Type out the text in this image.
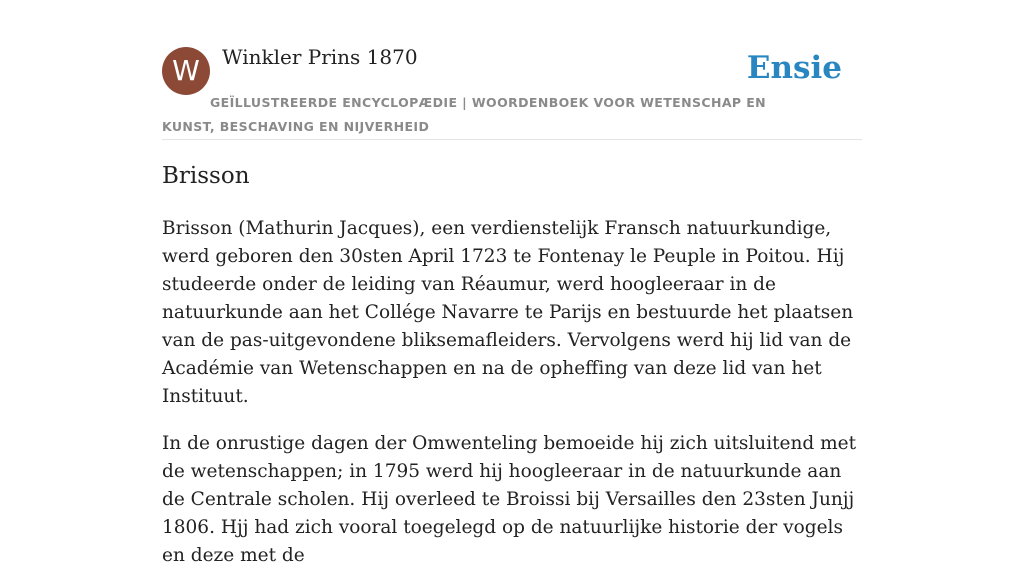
W	Winkler Prins 1870	Ensie
GEÏLLUSTREERDE ENCYCLOPÆDIE | WOORDENBOEK VOOR WETENSCHAP EN KUNST, BESCHAVING EN NIJVERHEID
Brisson

Brisson (Mathurin Jacques), een verdienstelijk Fransch natuurkundige, werd geboren den 30sten April 1723 te Fontenay le Peuple in Poitou. Hij studeerde onder de leiding van Réaumur, werd hoogleeraar in de natuurkunde aan het Collége Navarre te Parijs en bestuurde het plaatsen van de pas-uitgevondene bliksemafleiders. Vervolgens werd hij lid van de Académie van Wetenschappen en na de opheffing van deze lid van het Instituut.

In de onrustige dagen der Omwenteling bemoeide hij zich uitsluitend met de wetenschappen; in 1795 werd hij hoogleeraar in de natuurkunde aan de Centrale scholen. Hij overleed te Broissi bij Versailles den 23sten Junjj 1806. Hjj had zich vooral toegelegd op de natuurlijke historie der vogels en deze met de
